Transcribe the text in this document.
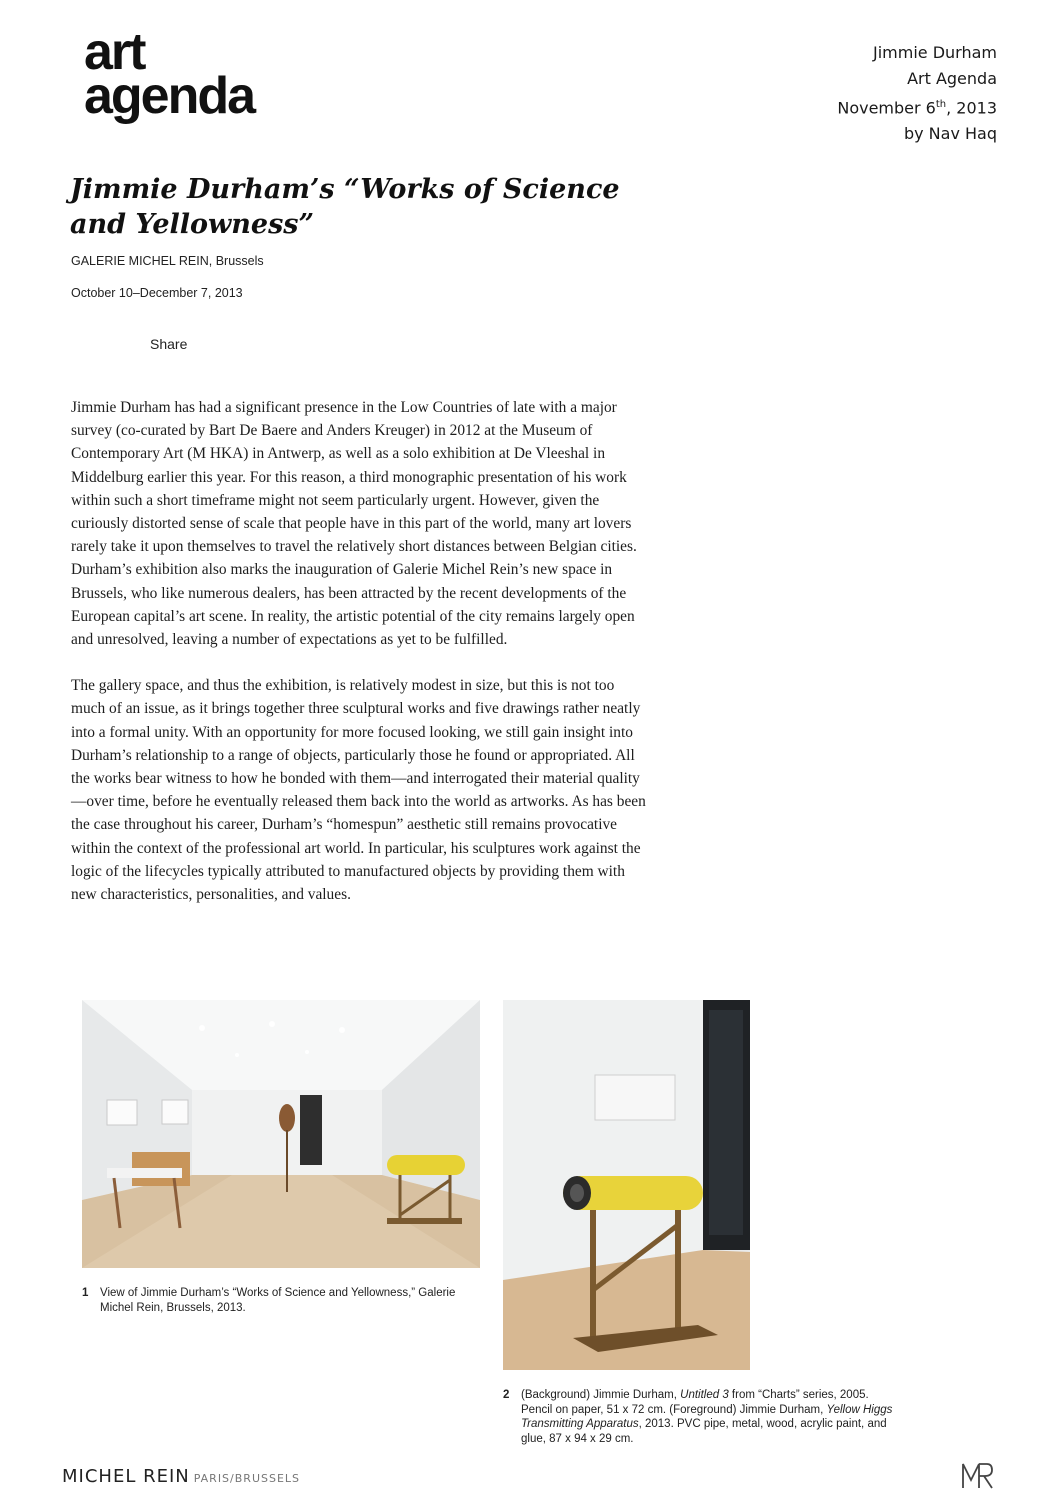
art
agenda
Jimmie Durham
Art Agenda
November 6th, 2013
by Nav Haq
Jimmie Durham’s “Works of Science and Yellowness”
GALERIE MICHEL REIN, Brussels
October 10–December 7, 2013
Share

Jimmie Durham has had a significant presence in the Low Countries of late with a major survey (co-curated by Bart De Baere and Anders Kreuger) in 2012 at the Museum of Contemporary Art (M HKA) in Antwerp, as well as a solo exhibition at De Vleeshal in Middelburg earlier this year. For this reason, a third monographic presentation of his work within such a short timeframe might not seem particularly urgent. However, given the curiously distorted sense of scale that people have in this part of the world, many art lovers rarely take it upon themselves to travel the relatively short distances between Belgian cities. Durham’s exhibition also marks the inauguration of Galerie Michel Rein’s new space in Brussels, who like numerous dealers, has been attracted by the recent developments of the European capital’s art scene. In reality, the artistic potential of the city remains largely open and unresolved, leaving a number of expectations as yet to be fulfilled.

The gallery space, and thus the exhibition, is relatively modest in size, but this is not too much of an issue, as it brings together three sculptural works and five drawings rather neatly into a formal unity. With an opportunity for more focused looking, we still gain insight into Durham’s relationship to a range of objects, particularly those he found or appropriated. All the works bear witness to how he bonded with them—and interrogated their material quality—over time, before he eventually released them back into the world as artworks. As has been the case throughout his career, Durham’s “homespun” aesthetic still remains provocative within the context of the professional art world. In particular, his sculptures work against the logic of the lifecycles typically attributed to manufactured objects by providing them with new characteristics, personalities, and values.

1 View of Jimmie Durham’s “Works of Science and Yellowness,” Galerie Michel Rein, Brussels, 2013.
2 (Background) Jimmie Durham, Untitled 3 from “Charts” series, 2005. Pencil on paper, 51 x 72 cm. (Foreground) Jimmie Durham, Yellow Higgs Transmitting Apparatus, 2013. PVC pipe, metal, wood, acrylic paint, and glue, 87 x 94 x 29 cm.
MICHEL REIN PARIS/BRUSSELS
